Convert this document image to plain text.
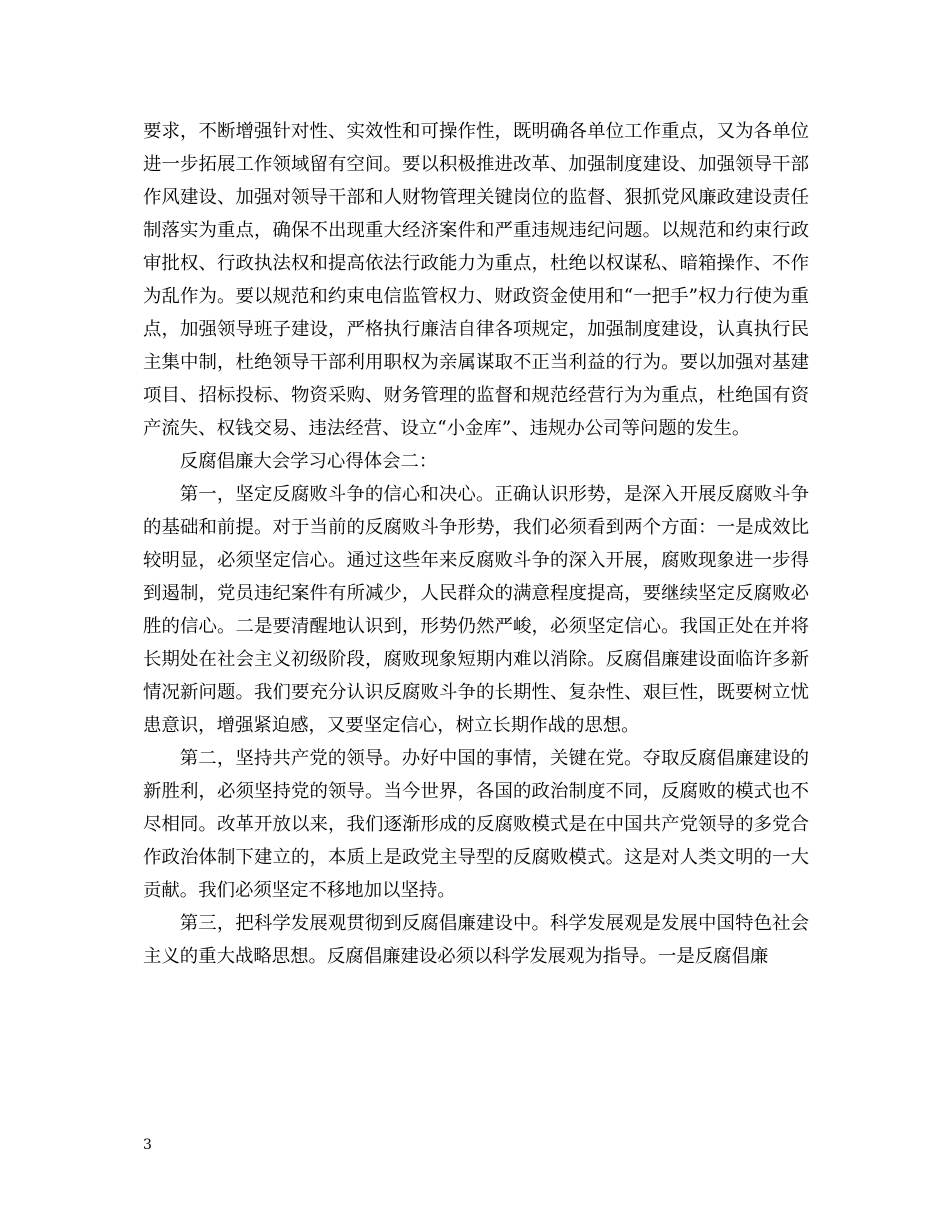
要求，不断增强针对性、实效性和可操作性，既明确各单位工作重点，又为各单位进一步拓展工作领域留有空间。要以积极推进改革、加强制度建设、加强领导干部作风建设、加强对领导干部和人财物管理关键岗位的监督、狠抓党风廉政建设责任制落实为重点，确保不出现重大经济案件和严重违规违纪问题。以规范和约束行政审批权、行政执法权和提高依法行政能力为重点，杜绝以权谋私、暗箱操作、不作为乱作为。要以规范和约束电信监管权力、财政资金使用和“一把手”权力行使为重点，加强领导班子建设，严格执行廉洁自律各项规定，加强制度建设，认真执行民主集中制，杜绝领导干部利用职权为亲属谋取不正当利益的行为。要以加强对基建项目、招标投标、物资采购、财务管理的监督和规范经营行为为重点，杜绝国有资产流失、权钱交易、违法经营、设立“小金库”、违规办公司等问题的发生。

反腐倡廉大会学习心得体会二：

第一，坚定反腐败斗争的信心和决心。正确认识形势，是深入开展反腐败斗争的基础和前提。对于当前的反腐败斗争形势，我们必须看到两个方面：一是成效比较明显，必须坚定信心。通过这些年来反腐败斗争的深入开展，腐败现象进一步得到遏制，党员违纪案件有所减少，人民群众的满意程度提高，要继续坚定反腐败必胜的信心。二是要清醒地认识到，形势仍然严峻，必须坚定信心。我国正处在并将长期处在社会主义初级阶段，腐败现象短期内难以消除。反腐倡廉建设面临许多新情况新问题。我们要充分认识反腐败斗争的长期性、复杂性、艰巨性，既要树立忧患意识，增强紧迫感，又要坚定信心，树立长期作战的思想。

第二，坚持共产党的领导。办好中国的事情，关键在党。夺取反腐倡廉建设的新胜利，必须坚持党的领导。当今世界，各国的政治制度不同，反腐败的模式也不尽相同。改革开放以来，我们逐渐形成的反腐败模式是在中国共产党领导的多党合作政治体制下建立的，本质上是政党主导型的反腐败模式。这是对人类文明的一大贡献。我们必须坚定不移地加以坚持。

第三，把科学发展观贯彻到反腐倡廉建设中。科学发展观是发展中国特色社会主义的重大战略思想。反腐倡廉建设必须以科学发展观为指导。一是反腐倡廉

3
